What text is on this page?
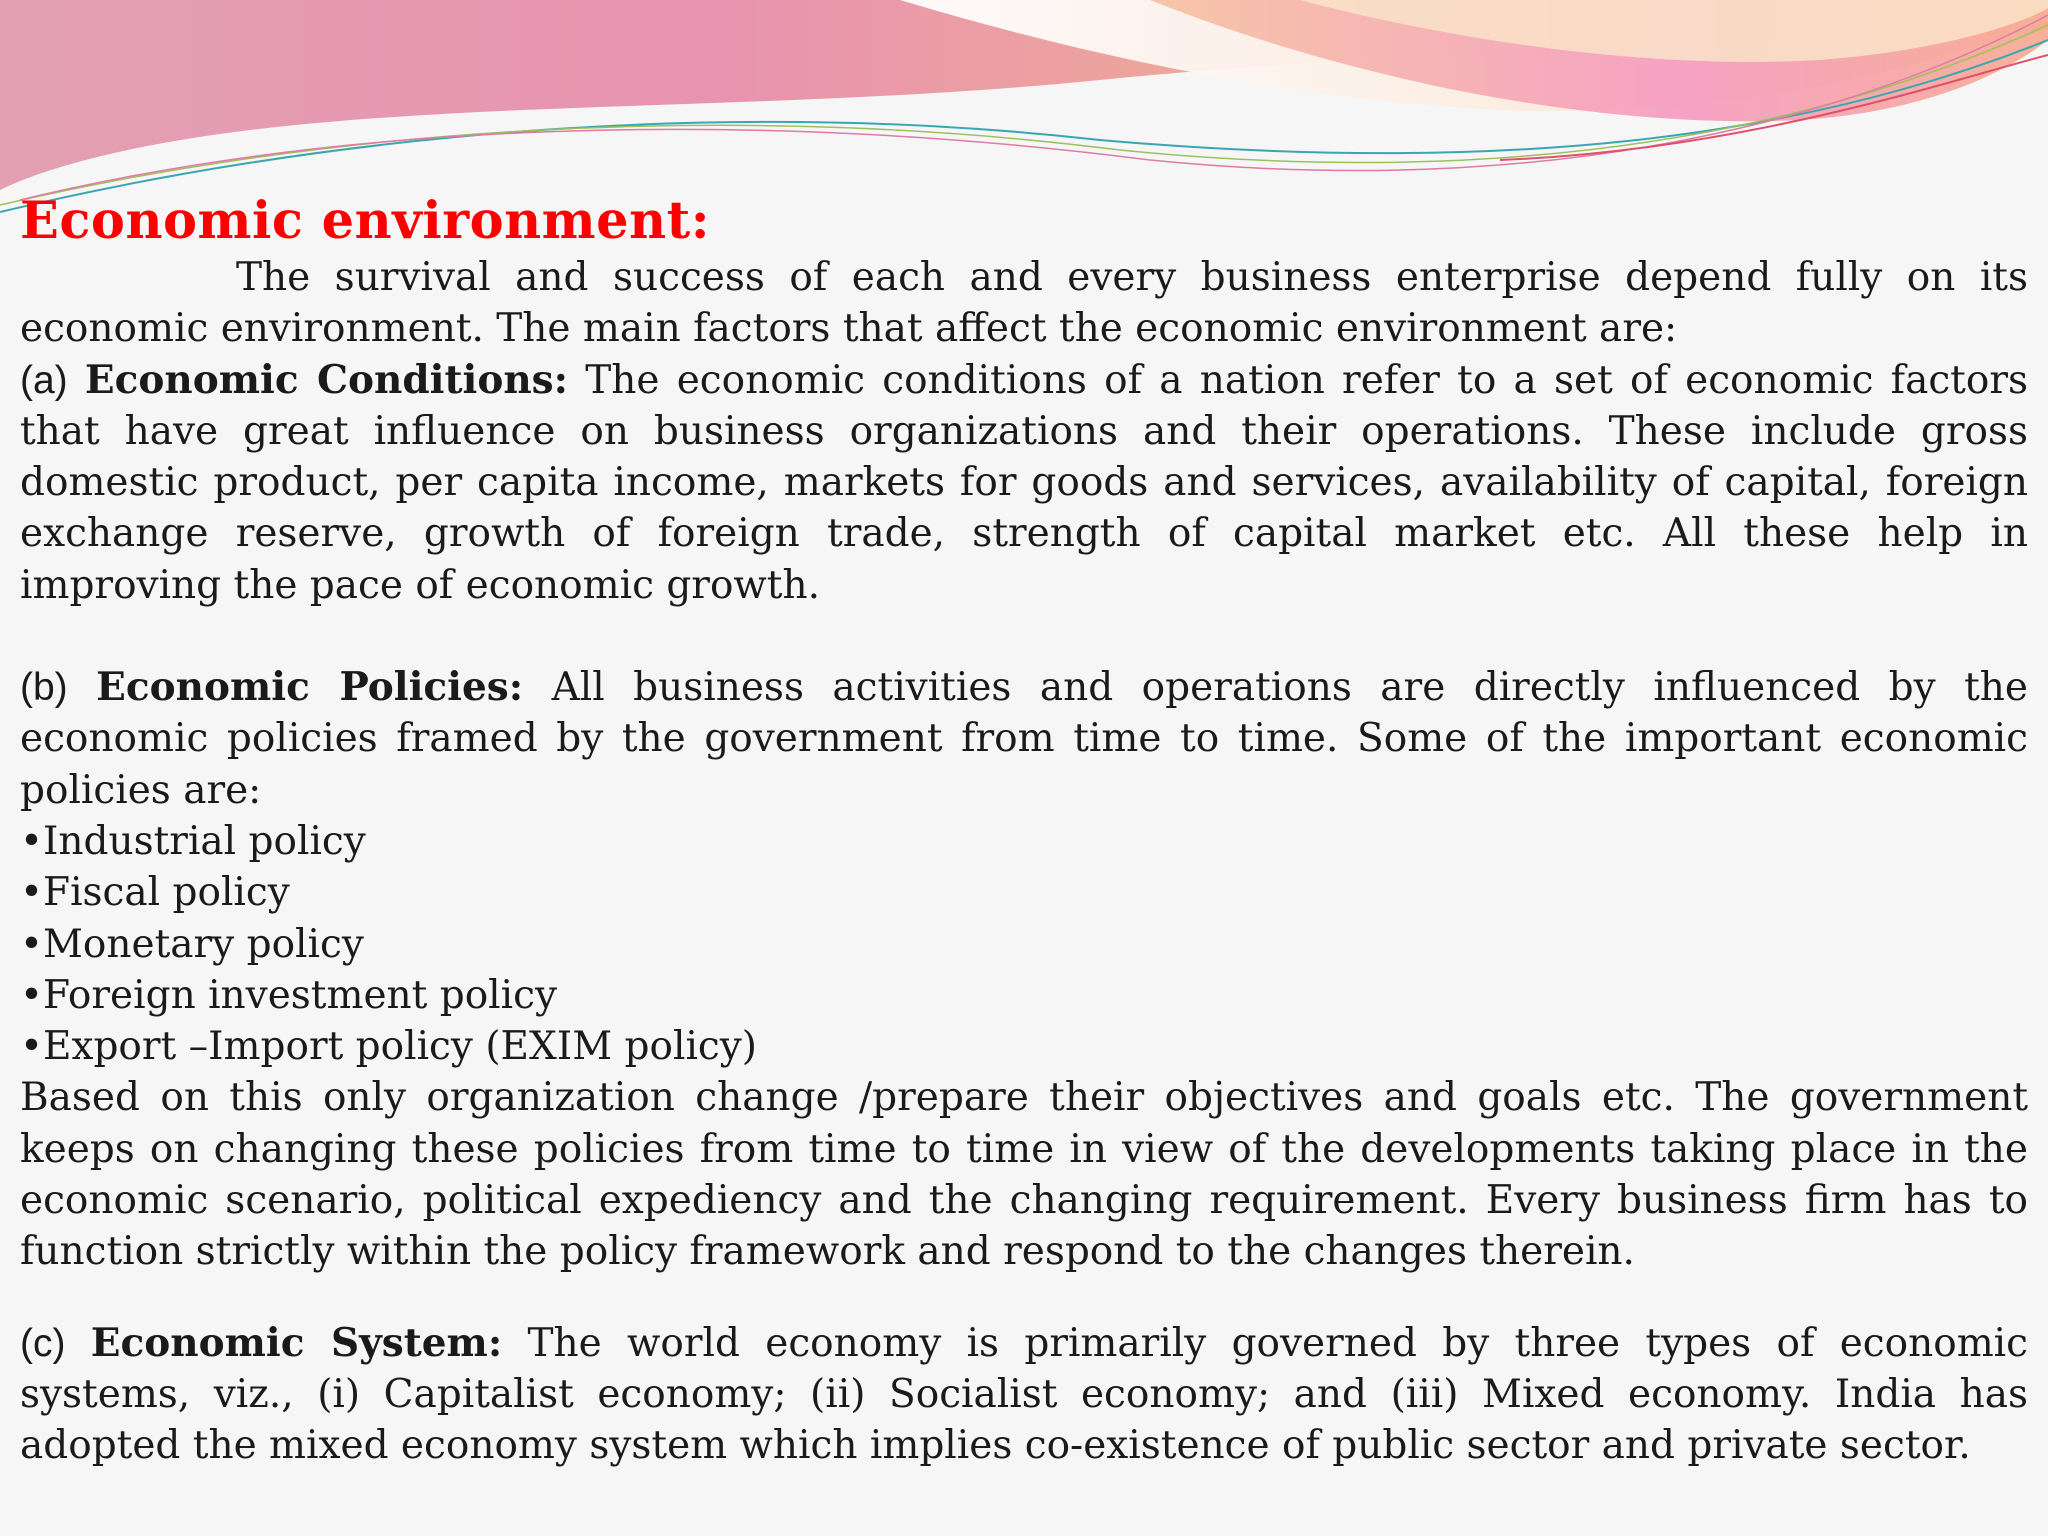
Economic environment:

The survival and success of each and every business enterprise depend fully on its economic environment. The main factors that affect the economic environment are:

(a) Economic Conditions: The economic conditions of a nation refer to a set of economic factors that have great influence on business organizations and their operations. These include gross domestic product, per capita income, markets for goods and services, availability of capital, foreign exchange reserve, growth of foreign trade, strength of capital market etc. All these help in improving the pace of economic growth.

(b) Economic Policies: All business activities and operations are directly influenced by the economic policies framed by the government from time to time. Some of the important economic policies are:

•Industrial policy
•Fiscal policy
•Monetary policy
•Foreign investment policy
•Export –Import policy (EXIM policy)

Based on this only organization change /prepare their objectives and goals etc. The government keeps on changing these policies from time to time in view of the developments taking place in the economic scenario, political expediency and the changing requirement. Every business firm has to function strictly within the policy framework and respond to the changes therein.

(c) Economic System: The world economy is primarily governed by three types of economic systems, viz., (i) Capitalist economy; (ii) Socialist economy; and (iii) Mixed economy. India has adopted the mixed economy system which implies co-existence of public sector and private sector.
